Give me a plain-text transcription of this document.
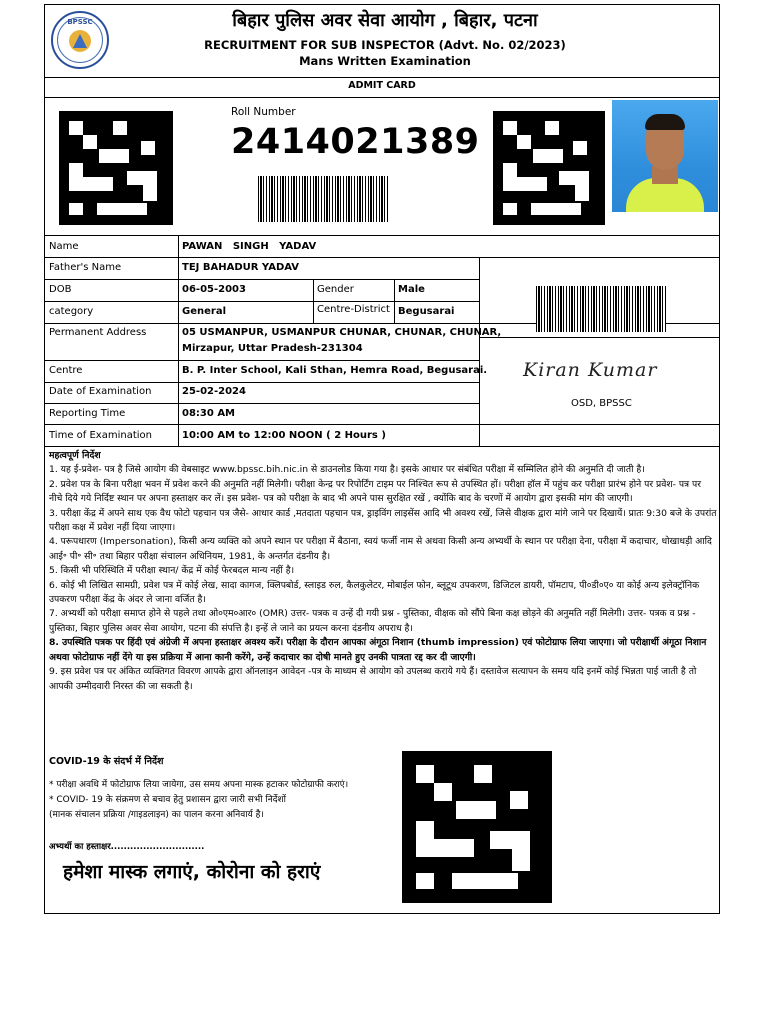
BPSSC	बिहार पुलिस अवर सेवा आयोग , बिहार, पटना
RECRUITMENT FOR SUB INSPECTOR (Advt. No. 02/2023)
Mans Written Examination
ADMIT CARD
Roll Number
2414021389
Name	PAWAN   SINGH   YADAV
Father's Name	TEJ BAHADUR YADAV
DOB	06-05-2003	Gender	Male
category	General	Centre-District Begusarai
Permanent Address	05 USMANPUR, USMANPUR CHUNAR, CHUNAR, CHUNAR,
Mirzapur, Uttar Pradesh-231304
Centre	B. P. Inter School, Kali Sthan, Hemra Road, Begusarai.
Date of Examination	25-02-2024
Reporting Time	08:30 AM
Time of Examination	10:00 AM to 12:00 NOON ( 2 Hours )
Kiran Kumar
OSD, BPSSC

महत्वपूर्ण निर्देश

1. यह ई-प्रवेश- पत्र है जिसे आयोग की वेबसाइट www.bpssc.bih.nic.in से डाउनलोड किया गया है। इसके आधार पर संबंधित परीक्षा में सम्मिलित होने की अनुमति दी जाती है।

2. प्रवेश पत्र के बिना परीक्षा भवन में प्रवेश करने की अनुमति नहीं मिलेगी। परीक्षा केन्द्र पर रिपोर्टिंग टाइम पर निश्चित रूप से उपस्थित हों। परीक्षा हॉल में पहुंच कर परीक्षा प्रारंभ होने पर प्रवेश- पत्र पर नीचे दिये गये निर्दिष्ट स्थान पर अपना हस्ताक्षर कर लें। इस प्रवेश- पत्र को परीक्षा के बाद भी अपने पास सुरक्षित रखें , क्योंकि बाद के चरणों में आयोग द्वारा इसकी मांग की जाएगी।

3. परीक्षा केंद्र में अपने साथ एक वैध फोटो पहचान पत्र जैसे- आधार कार्ड ,मतदाता पहचान पत्र, ड्राइविंग लाइसेंस आदि भी अवश्य रखें, जिसे वीक्षक द्वारा मांगे जाने पर दिखायें। प्रातः 9:30 बजे के उपरांत परीक्षा कक्ष में प्रवेश नहीं दिया जाएगा।

4. परूपधारण (Impersonation), किसी अन्य व्यक्ति को अपने स्थान पर परीक्षा में बैठाना, स्वयं फर्जी नाम से अथवा किसी अन्य अभ्यर्थी के स्थान पर परीक्षा देना, परीक्षा में कदाचार, धोखाधड़ी आदि आई॰ पी॰ सी॰ तथा बिहार परीक्षा संचालन अधिनियम, 1981, के अन्तर्गत दंडनीय है।

5. किसी भी परिस्थिति में परीक्षा स्थान/ केंद्र में कोई फेरबदल मान्य नहीं है।

6. कोई भी लिखित सामग्री, प्रवेश पत्र में कोई लेख, सादा कागज, क्लिपबोर्ड, स्लाइड रुल, कैलकुलेटर, मोबाईल फोन, ब्लूटूथ उपकरण, डिजिटल डायरी, पॉमटाप, पी०डी०ए० या कोई अन्य इलेक्ट्रॉनिक उपकरण परीक्षा केंद्र के अंदर ले जाना वर्जित है।

7. अभ्यर्थी को परीक्षा समाप्त होने से पहले तथा ओ०एम०आर० (OMR) उत्तर- पत्रक व उन्हें दी गयी प्रश्न - पुस्तिका, वीक्षक को सौंपे बिना कक्ष छोड़ने की अनुमति नहीं मिलेगी। उत्तर- पत्रक व प्रश्न - पुस्तिका, बिहार पुलिस अवर सेवा आयोग, पटना की संपत्ति है। इन्हें ले जाने का प्रयत्न करना दंडनीय अपराध है।

8. उपस्थिति पत्रक पर हिंदी एवं अंग्रेजी में अपना हस्ताक्षर अवश्य करें। परीक्षा के दौरान आपका अंगूठा निशान (thumb impression) एवं फोटोग्राफ लिया जाएगा। जो परीक्षार्थी अंगूठा निशान अथवा फोटोग्राफ नहीं देंगे या इस प्रक्रिया में आना कानी करेंगे, उन्हें कदाचार का दोषी मानते हुए उनकी पात्रता रद्द कर दी जाएगी।

9. इस प्रवेश पत्र पर अंकित व्यक्तिगत विवरण आपके द्वारा ऑनलाइन आवेदन -पत्र के माध्यम से आयोग को उपलब्ध कराये गये हैं। दस्तावेज सत्यापन के समय यदि इनमें कोई भिन्नता पाई जाती है तो आपकी उम्मीदवारी निरस्त की जा सकती है।

COVID-19 के संदर्भ में निर्देश
* परीक्षा अवधि में फोटोग्राफ लिया जायेगा, उस समय अपना मास्क हटाकर फोटोग्राफी कराएं।
* COVID- 19 के संक्रमण से बचाव हेतु प्रशासन द्वारा जारी सभी निर्देशों
(मानक संचालन प्रक्रिया /गाइडलाइन) का पालन करना अनिवार्य है।
अभ्यर्थी का हस्ताक्षर.............................
हमेशा मास्क लगाएं, कोरोना को हराएं
